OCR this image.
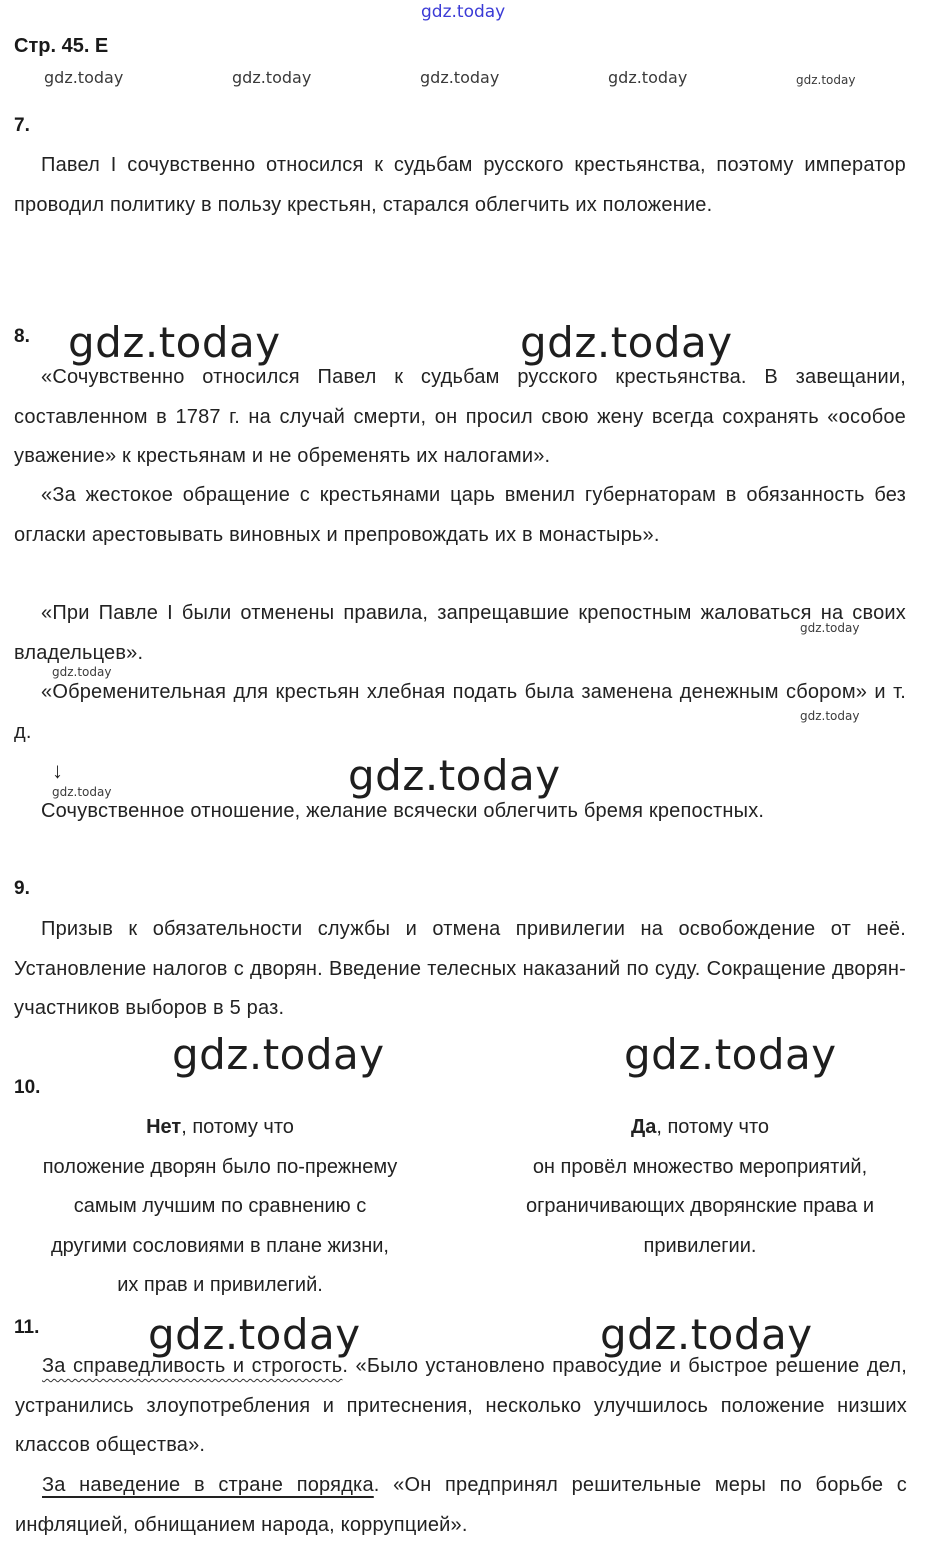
gdz.today
gdz.today	gdz.today	gdz.today	gdz.today	gdz.today
gdz.today	gdz.today
gdz.today
gdz.today
gdz.today
gdz.today	gdz.today
gdz.today	gdz.today
gdz.today	gdz.today
Стр. 45. Е
7.
Павел I сочувственно относился к судьбам русского крестьянства, поэтому император проводил политику в пользу крестьян, старался облегчить их положение.
8.
«Сочувственно относился Павел к судьбам русского крестьянства. В завещании, составленном в 1787 г. на случай смерти, он просил свою жену всегда сохранять «особое уважение» к крестьянам и не обременять их налогами».
«За жестокое обращение с крестьянами царь вменил губернаторам в обязанность без огласки арестовывать виновных и препровождать их в монастырь».
«При Павле I были отменены правила, запрещавшие крепостным жаловаться на своих владельцев».
«Обременительная для крестьян хлебная подать была заменена денежным сбором» и т. д.
↓
Сочувственное отношение, желание всячески облегчить бремя крепостных.
9.
Призыв к обязательности службы и отмена привилегии на освобождение от неё. Установление налогов с дворян. Введение телесных наказаний по суду. Сокращение дворян-участников выборов в 5 раз.
10.
Нет, потому что
положение дворян было по-прежнему
самым лучшим по сравнению с
другими сословиями в плане жизни,
их прав и привилегий.
Да, потому что
он провёл множество мероприятий,
ограничивающих дворянские права и
привилегии.
11.
За справедливость и строгость. «Было установлено правосудие и быстрое решение дел, устранились злоупотребления и притеснения, несколько улучшилось положение низших классов общества».
За наведение в стране порядка. «Он предпринял решительные меры по борьбе с инфляцией, обнищанием народа, коррупцией».
